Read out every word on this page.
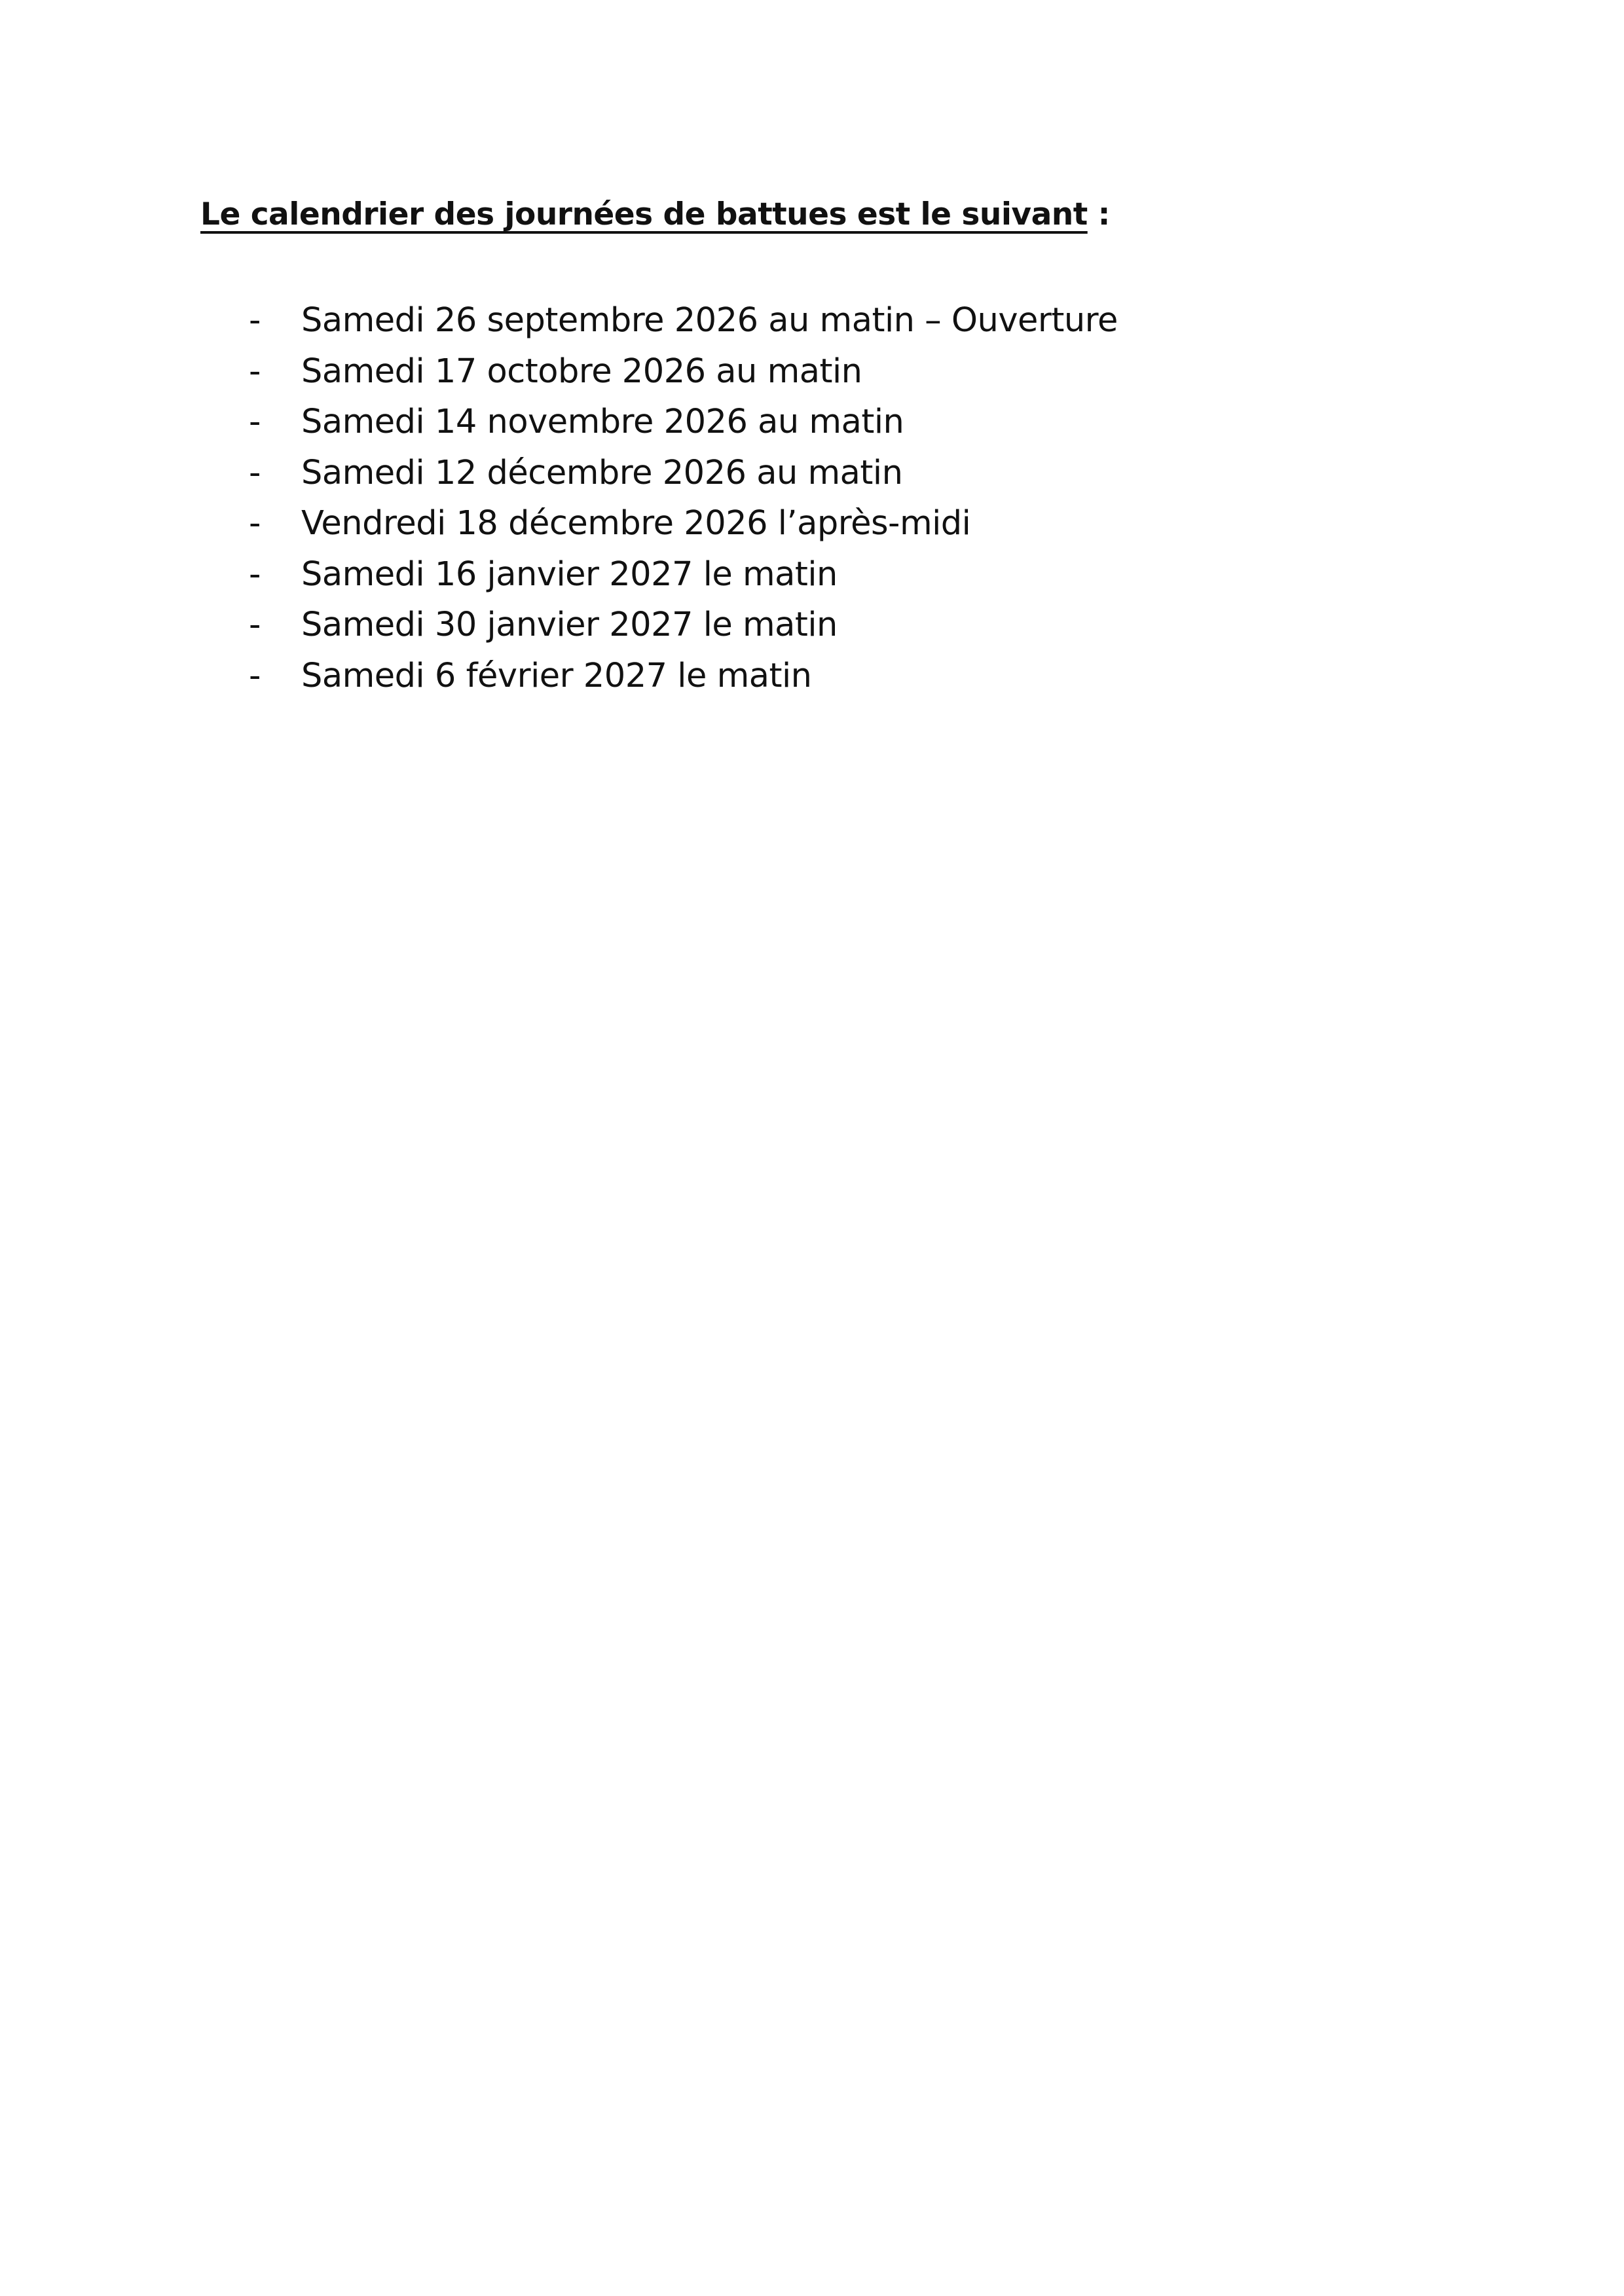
Le calendrier des journées de battues est le suivant :
-	Samedi 26 septembre 2026 au matin – Ouverture
-	Samedi 17 octobre 2026 au matin
-	Samedi 14 novembre 2026 au matin
-	Samedi 12 décembre 2026 au matin
-	Vendredi 18 décembre 2026 l’après-midi
-	Samedi 16 janvier 2027 le matin
-	Samedi 30 janvier 2027 le matin
-	Samedi 6 février 2027 le matin
